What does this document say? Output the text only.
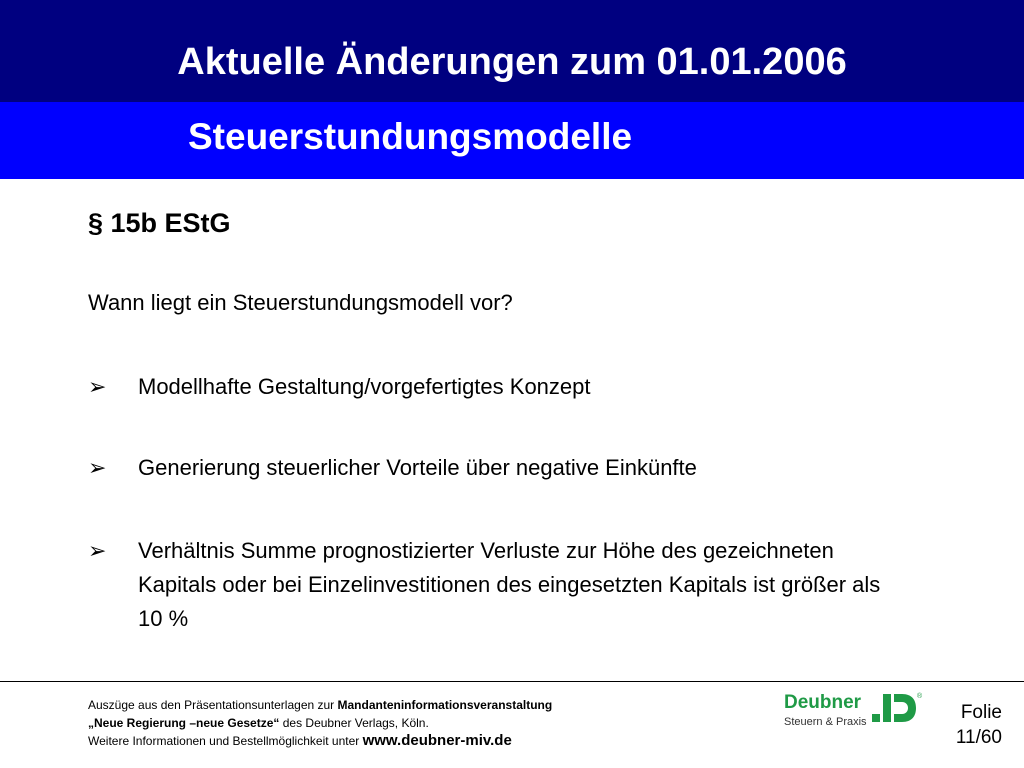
Aktuelle Änderungen zum 01.01.2006
Steuerstundungsmodelle
§ 15b EStG
Wann liegt ein Steuerstundungsmodell vor?
➢	Modellhafte Gestaltung/vorgefertigtes Konzept
➢	Generierung steuerlicher Vorteile über negative Einkünfte
➢	Verhältnis Summe prognostizierter Verluste zur Höhe des gezeichneten Kapitals oder bei Einzelinvestitionen des eingesetzten Kapitals ist größer als 10 %
Auszüge aus den Präsentationsunterlagen zur Mandanteninformationsveranstaltung
„Neue Regierung –neue Gesetze“ des Deubner Verlags, Köln.
Weitere Informationen und Bestellmöglichkeit unter www.deubner-miv.de
Deubner
Steuern & Praxis
®
Folie
11/60
